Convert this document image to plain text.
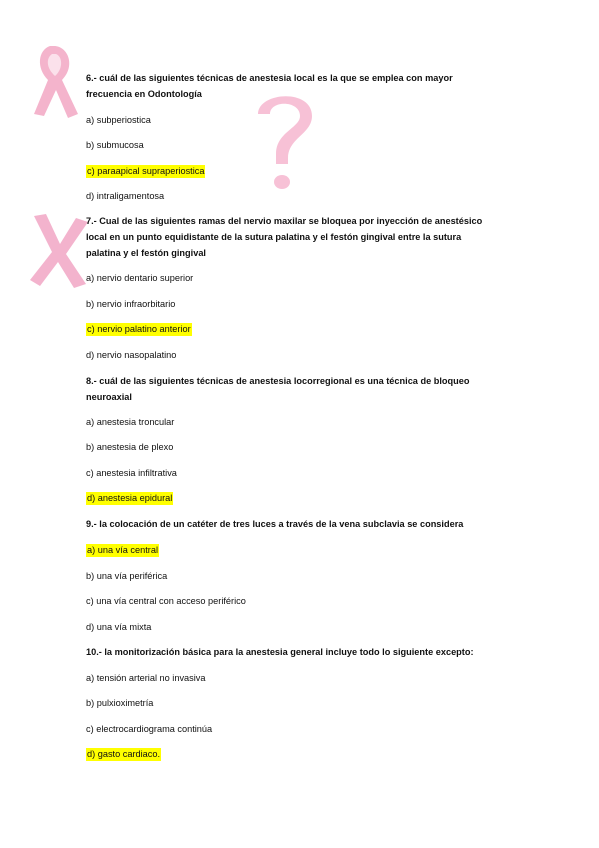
6.- cuál de las siguientes técnicas de anestesia local es la que se emplea con mayor
frecuencia en Odontología
a) subperiostica
b) submucosa
c) paraapical supraperiostica
d) intraligamentosa
7.- Cual de las siguientes ramas del nervio maxilar se bloquea por inyección de anestésico
local en un punto equidistante de la sutura palatina y el festón gingival entre la sutura
palatina y el festón gingival
a) nervio dentario superior
b) nervio infraorbitario
c) nervio palatino anterior
d) nervio nasopalatino
8.- cuál de las siguientes técnicas de anestesia locorregional es una técnica de bloqueo
neuroaxial
a) anestesia troncular
b) anestesia de plexo
c) anestesia infiltrativa
d) anestesia epidural
9.- la colocación de un catéter de tres luces a través de la vena subclavia se considera
a) una vía central
b) una vía periférica
c) una vía central con acceso periférico
d) una vía mixta
10.- la monitorización básica para la anestesia general incluye todo lo siguiente excepto:
a) tensión arterial no invasiva
b) pulxioximetría
c) electrocardiograma continúa
d) gasto cardiaco.
